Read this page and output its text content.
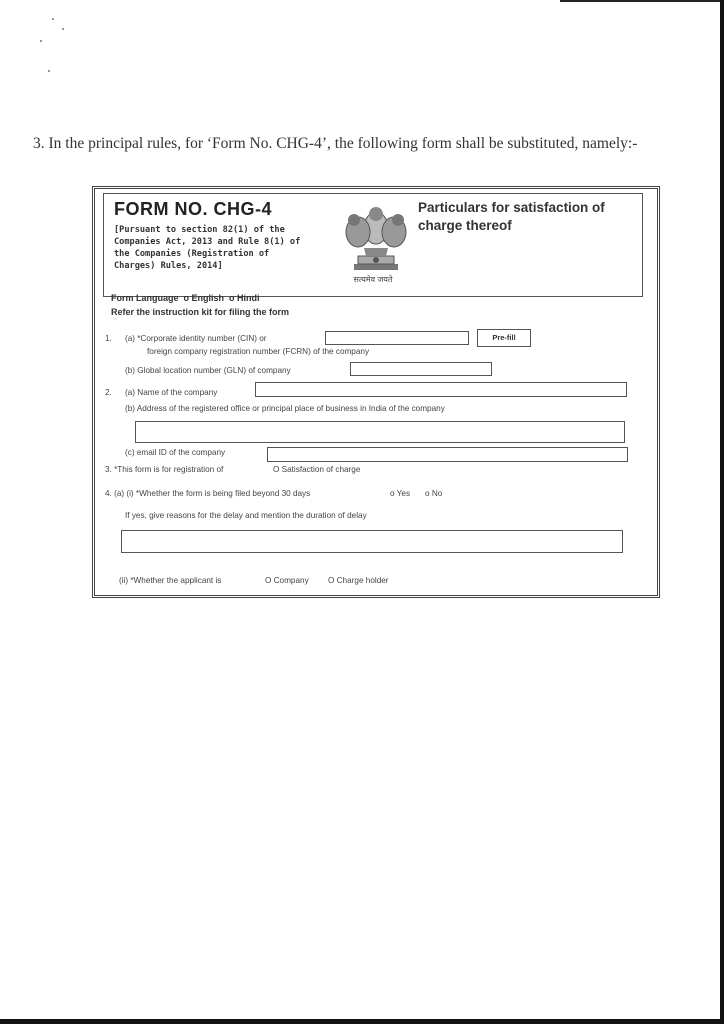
3. In the principal rules, for ‘Form No. CHG-4’, the following form shall be substituted, namely:-
FORM NO. CHG-4
[Pursuant to section 82(1) of the Companies Act, 2013 and Rule 8(1) of the Companies (Registration of Charges) Rules, 2014]
सत्यमेव जयते
Particulars for satisfaction of charge thereof
Form Language o English o Hindi
Refer the instruction kit for filing the form
1. (a) *Corporate identity number (CIN) or	Pre-fill
foreign company registration number (FCRN) of the company
(b) Global location number (GLN) of company
2. (a) Name of the company
(b) Address of the registered office or principal place of business in India of the company
(c) email ID of the company
3. *This form is for registration of	O Satisfaction of charge
4. (a) (i) *Whether the form is being filed beyond 30 days	o Yes o No
If yes, give reasons for the delay and mention the duration of delay
(ii) *Whether the applicant is	O Company O Charge holder
